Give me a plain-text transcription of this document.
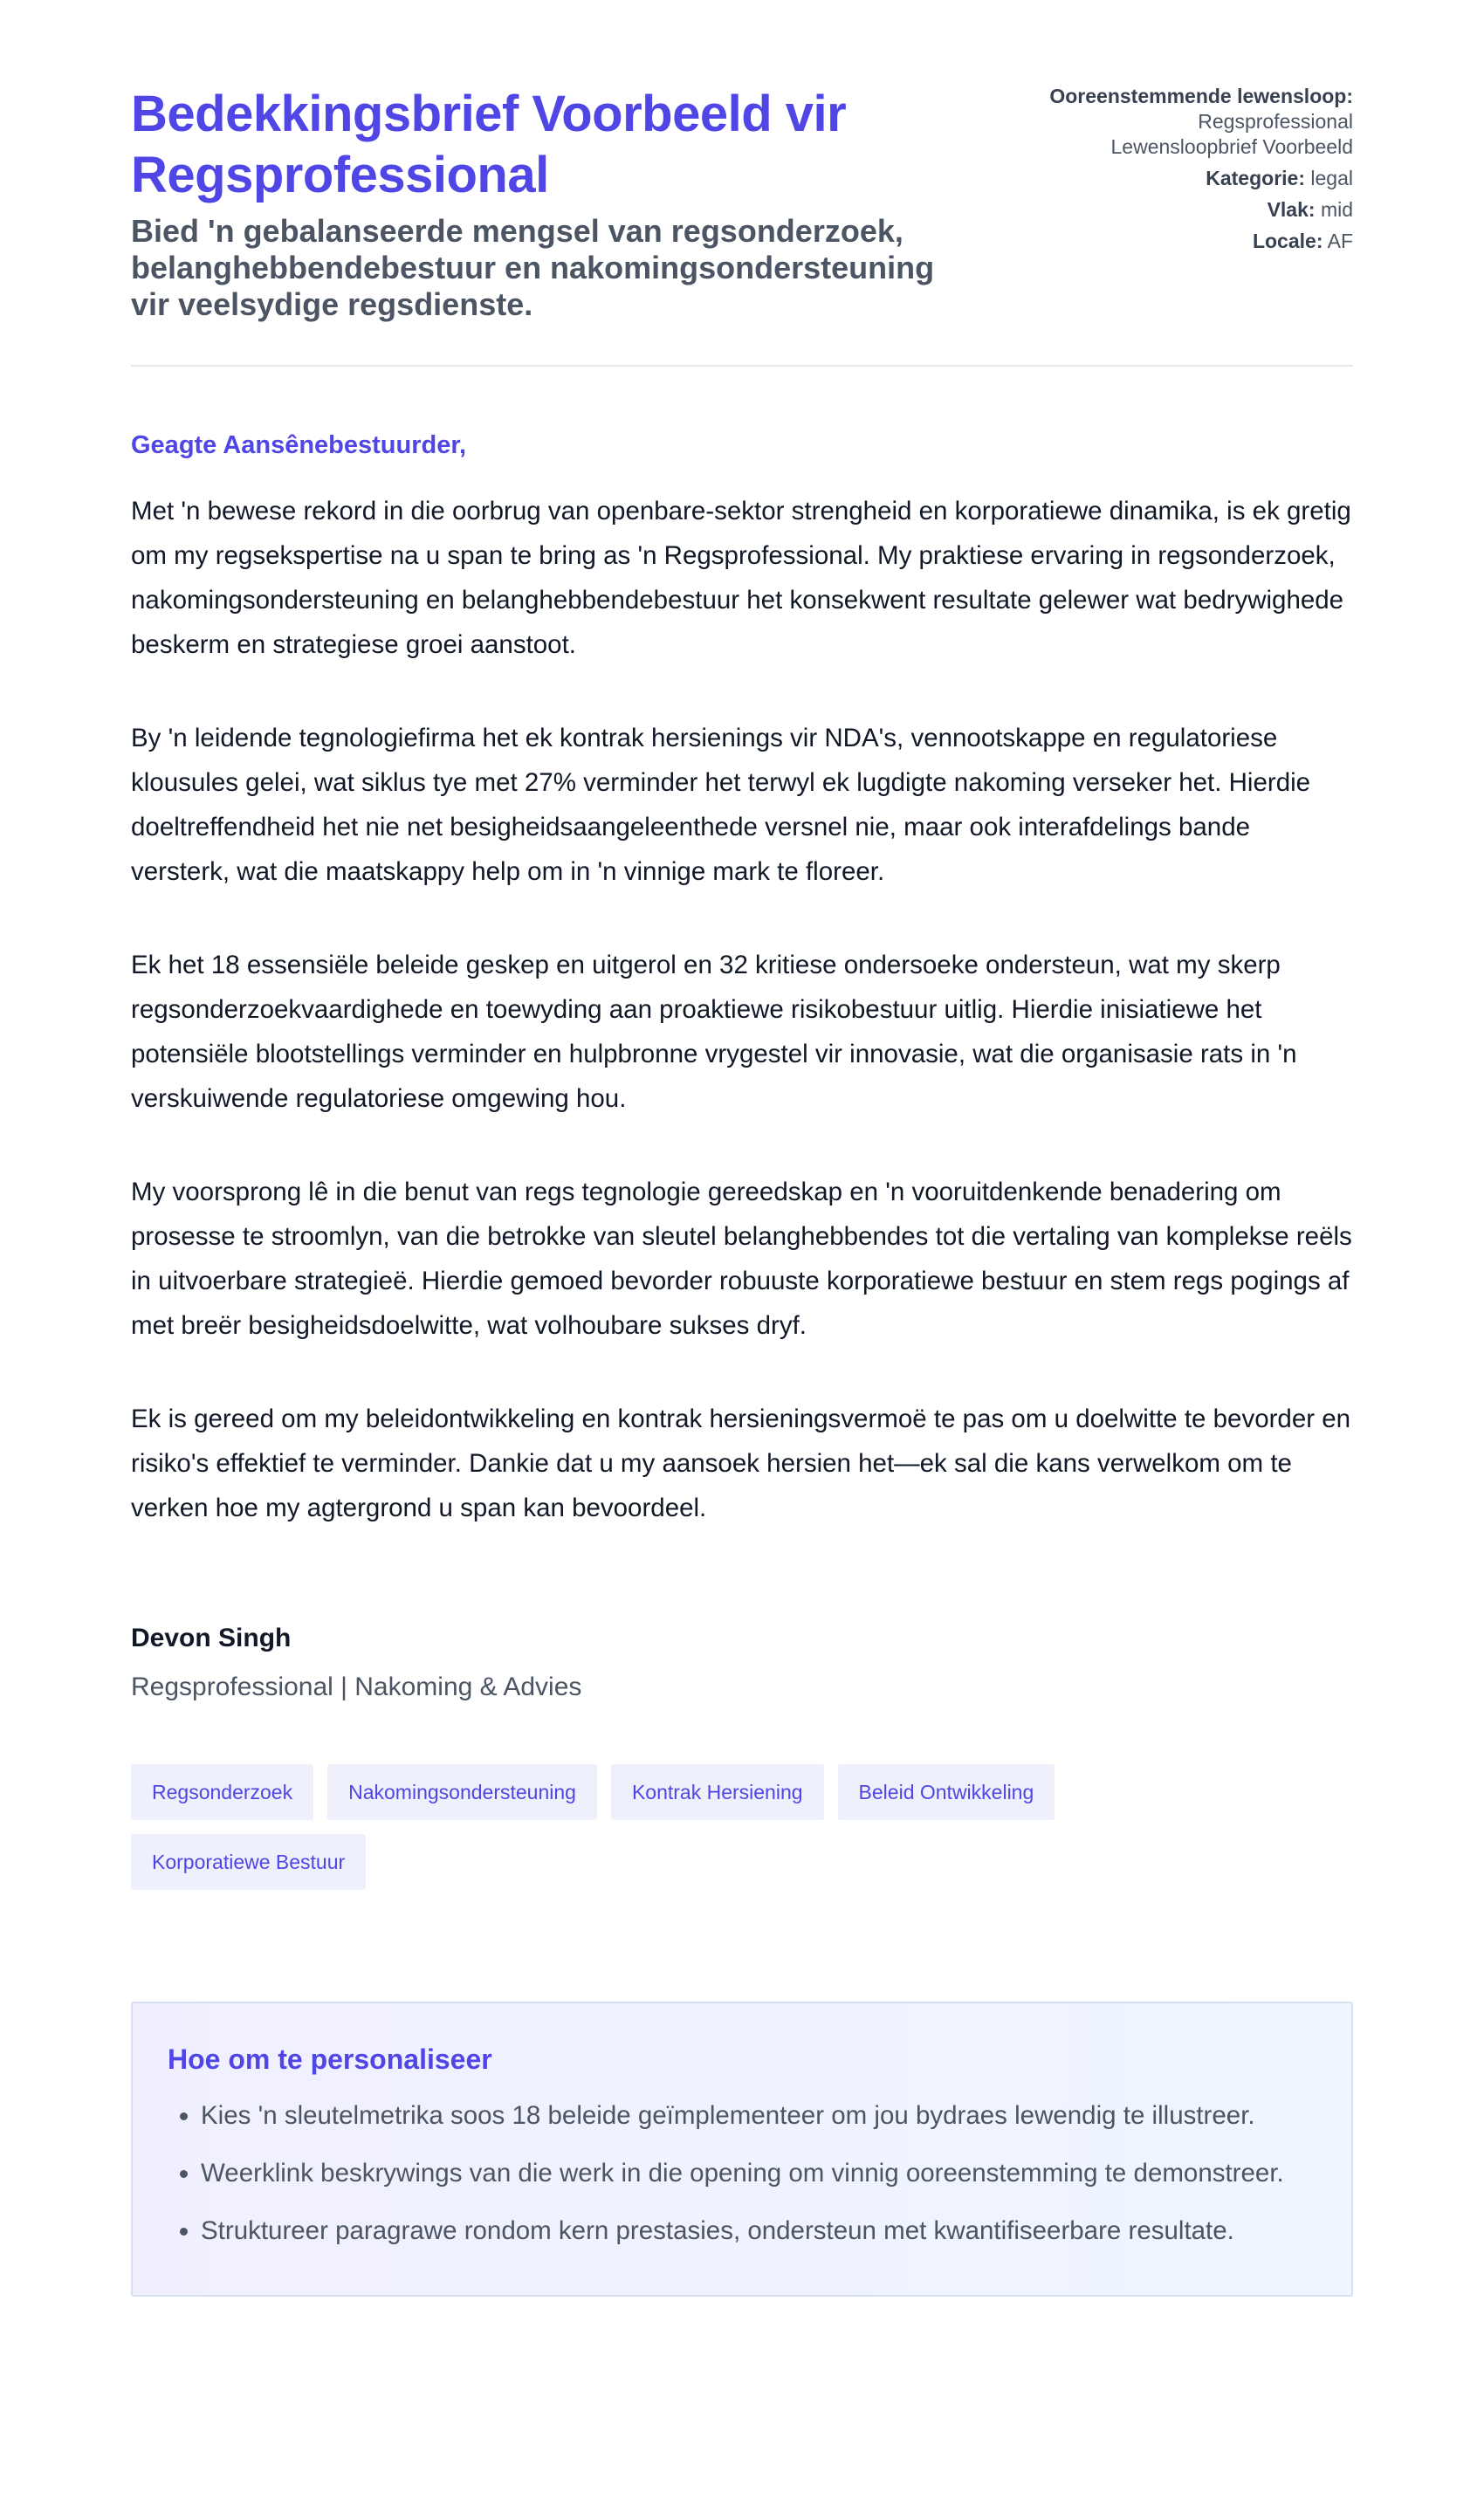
Bedekkingsbrief Voorbeeld vir Regsprofessional

Bied 'n gebalanseerde mengsel van regsonderzoek, belanghebbendebestuur en nakomingsondersteuning vir veelsydige regsdienste.

Ooreenstemmende lewensloop:
Regsprofessional
Lewensloopbrief Voorbeeld
Kategorie: legal
Vlak: mid
Locale: AF

Geagte Aansênebestuurder,

Met 'n bewese rekord in die oorbrug van openbare-sektor strengheid en korporatiewe dinamika, is ek gretig om my regsekspertise na u span te bring as 'n Regsprofessional. My praktiese ervaring in regsonderzoek, nakomingsondersteuning en belanghebbendebestuur het konsekwent resultate gelewer wat bedrywighede beskerm en strategiese groei aanstoot.

By 'n leidende tegnologiefirma het ek kontrak hersienings vir NDA's, vennootskappe en regulatoriese klousules gelei, wat siklus tye met 27% verminder het terwyl ek lugdigte nakoming verseker het. Hierdie doeltreffendheid het nie net besigheidsaangeleenthede versnel nie, maar ook interafdelings bande versterk, wat die maatskappy help om in 'n vinnige mark te floreer.

Ek het 18 essensiële beleide geskep en uitgerol en 32 kritiese ondersoeke ondersteun, wat my skerp regsonderzoekvaardighede en toewyding aan proaktiewe risikobestuur uitlig. Hierdie inisiatiewe het potensiële blootstellings verminder en hulpbronne vrygestel vir innovasie, wat die organisasie rats in 'n verskuiwende regulatoriese omgewing hou.

My voorsprong lê in die benut van regs tegnologie gereedskap en 'n vooruitdenkende benadering om prosesse te stroomlyn, van die betrokke van sleutel belanghebbendes tot die vertaling van komplekse reëls in uitvoerbare strategieë. Hierdie gemoed bevorder robuuste korporatiewe bestuur en stem regs pogings af met breër besigheidsdoelwitte, wat volhoubare sukses dryf.

Ek is gereed om my beleidontwikkeling en kontrak hersieningsvermoë te pas om u doelwitte te bevorder en risiko's effektief te verminder. Dankie dat u my aansoek hersien het—ek sal die kans verwelkom om te verken hoe my agtergrond u span kan bevoordeel.

Devon Singh
Regsprofessional | Nakoming & Advies
Regsonderzoek	Nakomingsondersteuning	Kontrak Hersiening	Beleid Ontwikkeling
Korporatiewe Bestuur
Hoe om te personaliseer
• Kies 'n sleutelmetrika soos 18 beleide geïmplementeer om jou bydraes lewendig te illustreer.
• Weerklink beskrywings van die werk in die opening om vinnig ooreenstemming te demonstreer.
• Struktureer paragrawe rondom kern prestasies, ondersteun met kwantifiseerbare resultate.
